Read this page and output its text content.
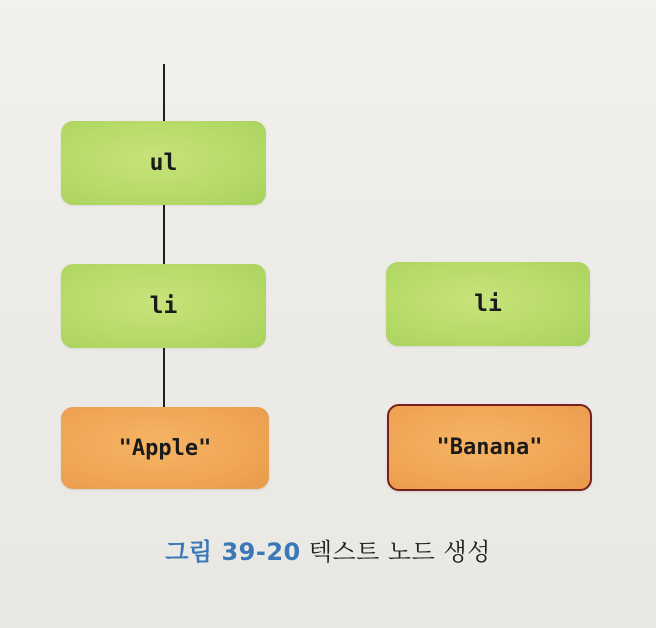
ul
li	li
"Apple"	"Banana"
그림 39-20 텍스트 노드 생성
